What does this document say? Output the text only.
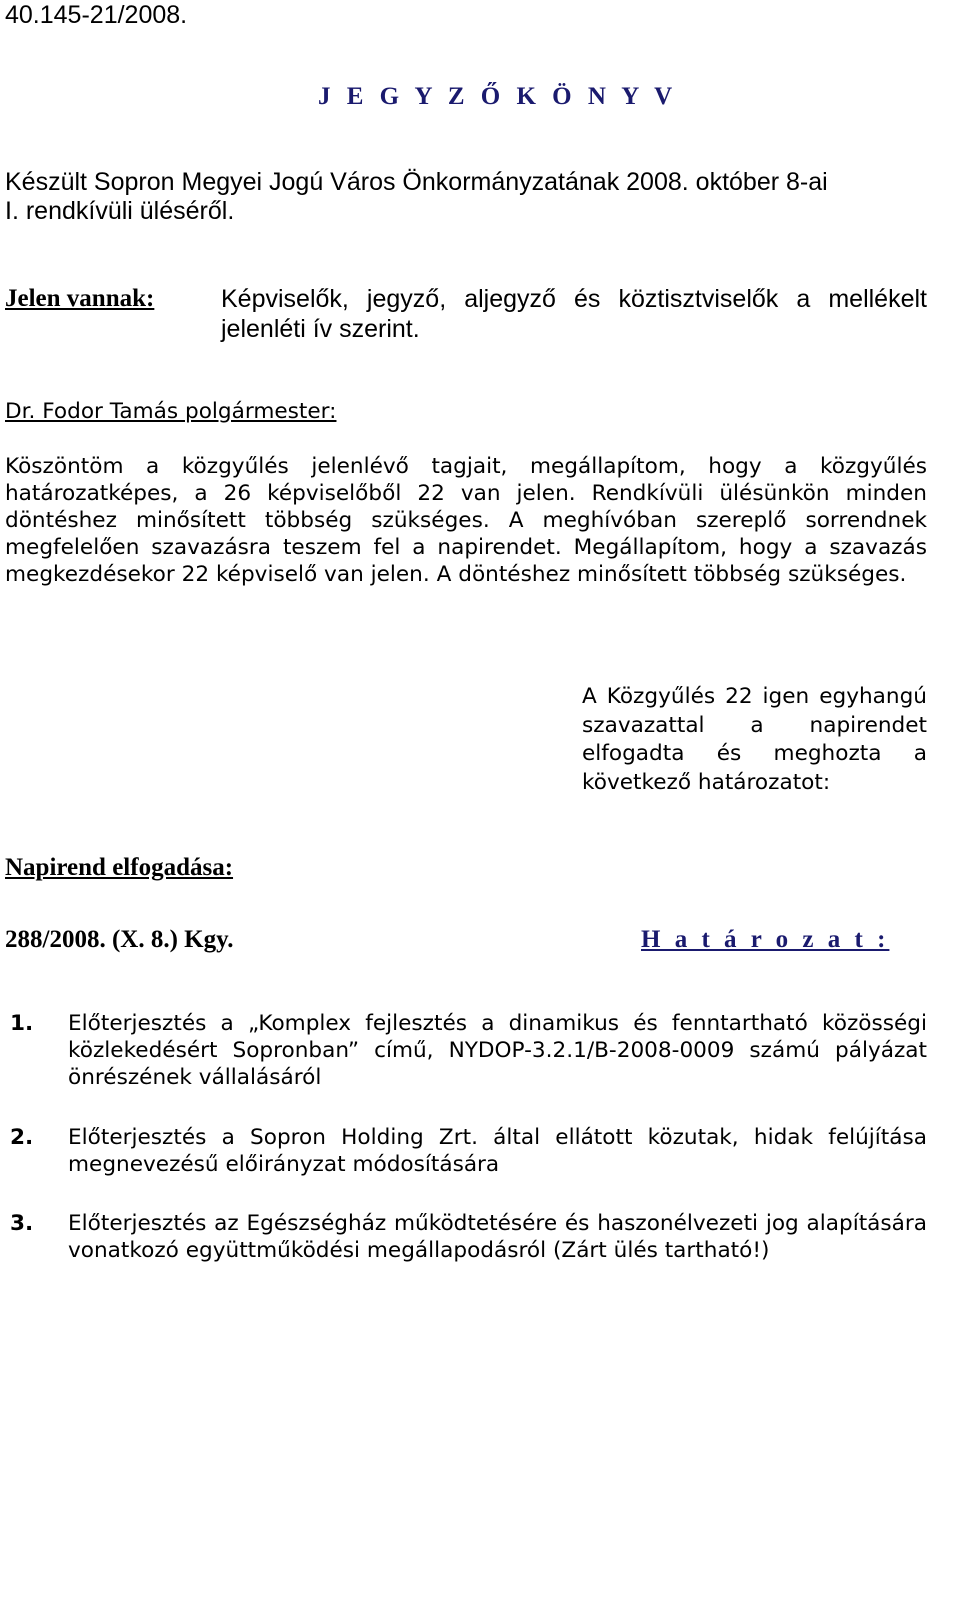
40.145-21/2008.
J E G Y Z Ő K Ö N Y V
Készült Sopron Megyei Jogú Város Önkormányzatának 2008. október 8-ai
I. rendkívüli üléséről.
Jelen vannak:	Képviselők, jegyző, aljegyző és köztisztviselők a mellékelt jelenléti ív szerint.
Dr. Fodor Tamás polgármester:
Köszöntöm a közgyűlés jelenlévő tagjait, megállapítom, hogy a közgyűlés határozatképes, a 26 képviselőből 22 van jelen. Rendkívüli ülésünkön minden döntéshez minősített többség szükséges. A meghívóban szereplő sorrendnek megfelelően szavazásra teszem fel a napirendet. Megállapítom, hogy a szavazás megkezdésekor 22 képviselő van jelen. A döntéshez minősített többség szükséges.
A Közgyűlés 22 igen egyhangú szavazattal a napirendet elfogadta és meghozta a következő határozatot:
Napirend elfogadása:
288/2008. (X. 8.) Kgy.	H a t á r o z a t :
1. Előterjesztés a „Komplex fejlesztés a dinamikus és fenntartható közösségi közlekedésért Sopronban” című, NYDOP-3.2.1/B-2008-0009 számú pályázat önrészének vállalásáról
2. Előterjesztés a Sopron Holding Zrt. által ellátott közutak, hidak felújítása megnevezésű előirányzat módosítására
3. Előterjesztés az Egészségház működtetésére és haszonélvezeti jog alapítására vonatkozó együttműködési megállapodásról (Zárt ülés tartható!)
